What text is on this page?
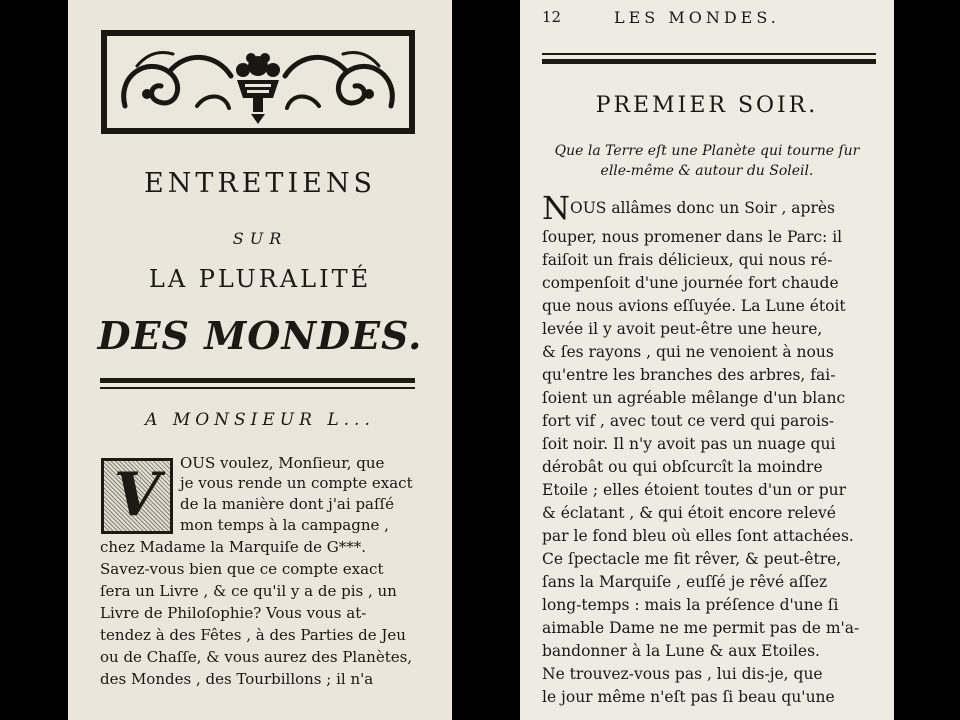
ENTRETIENS
SUR
LA PLURALITÉ
DES MONDES.
A MONSIEUR L...
V	OUS voulez, Monſieur, que
je vous rende un compte exact
de la manière dont j'ai paſſé
mon temps à la campagne ,
chez Madame la Marquiſe de G***.
Savez-vous bien que ce compte exact
ſera un Livre , & ce qu'il y a de pis , un
Livre de Philoſophie? Vous vous at-
tendez à des Fêtes , à des Parties de Jeu
ou de Chaſſe, & vous aurez des Planètes,
des Mondes , des Tourbillons ; il n'a
12	LES MONDES.
PREMIER SOIR.
Que la Terre eſt une Planète qui tourne ſur
elle-même & autour du Soleil.
N OUS allâmes donc un Soir , après
ſouper, nous promener dans le Parc: il
faiſoit un frais délicieux, qui nous ré-
compenſoit d'une journée fort chaude
que nous avions eſſuyée. La Lune étoit
levée il y avoit peut-être une heure,
& ſes rayons , qui ne venoient à nous
qu'entre les branches des arbres, fai-
ſoient un agréable mêlange d'un blanc
fort vif , avec tout ce verd qui parois-
ſoit noir. Il n'y avoit pas un nuage qui
dérobât ou qui obſcurcît la moindre
Etoile ; elles étoient toutes d'un or pur
& éclatant , & qui étoit encore relevé
par le fond bleu où elles ſont attachées.
Ce ſpectacle me fit rêver, & peut-être,
ſans la Marquiſe , euſſé je rêvé aſſez
long-temps : mais la préſence d'une ſi
aimable Dame ne me permit pas de m'a-
bandonner à la Lune & aux Etoiles.
Ne trouvez-vous pas , lui dis-je, que
le jour même n'eſt pas ſi beau qu'une
